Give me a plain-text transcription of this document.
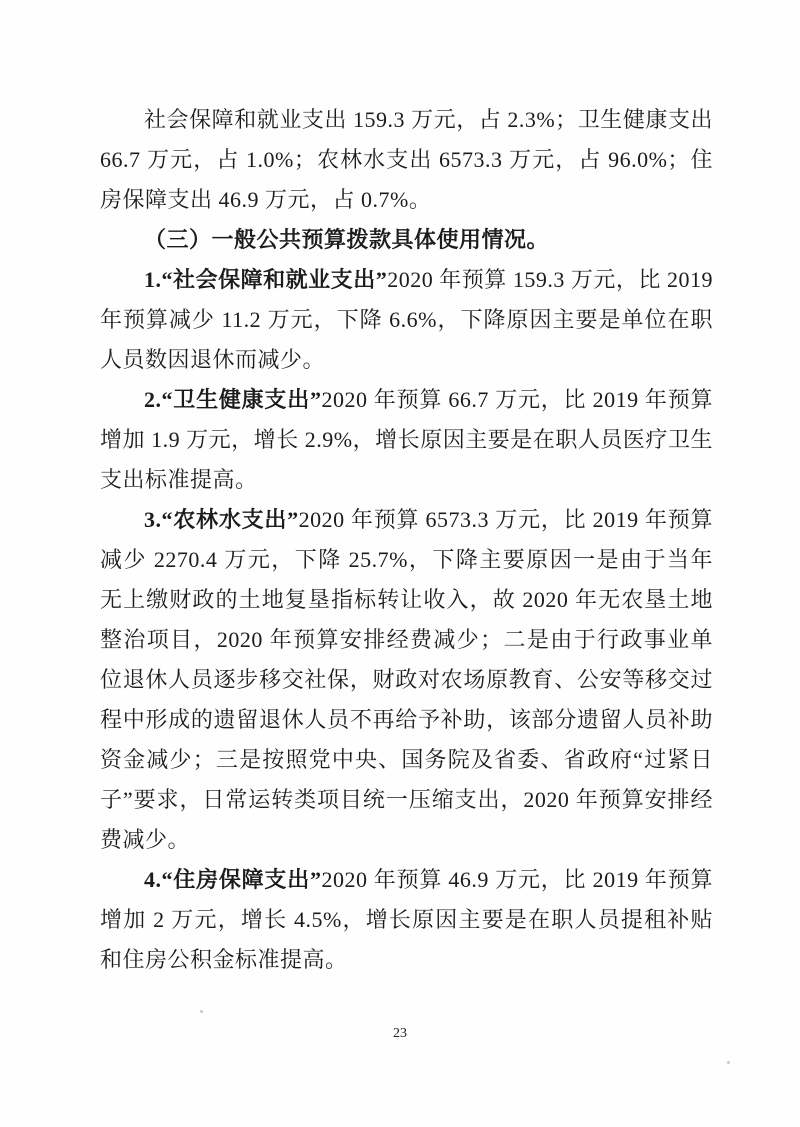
社会保障和就业支出 159.3 万元，占 2.3%；卫生健康支出 66.7 万元，占 1.0%；农林水支出 6573.3 万元，占 96.0%；住房保障支出 46.9 万元，占 0.7%。

（三）一般公共预算拨款具体使用情况。

1.“社会保障和就业支出”2020 年预算 159.3 万元，比 2019 年预算减少 11.2 万元，下降 6.6%，下降原因主要是单位在职人员数因退休而减少。

2.“卫生健康支出”2020 年预算 66.7 万元，比 2019 年预算增加 1.9 万元，增长 2.9%，增长原因主要是在职人员医疗卫生支出标准提高。

3.“农林水支出”2020 年预算 6573.3 万元，比 2019 年预算减少 2270.4 万元，下降 25.7%，下降主要原因一是由于当年无上缴财政的土地复垦指标转让收入，故 2020 年无农垦土地整治项目，2020 年预算安排经费减少；二是由于行政事业单位退休人员逐步移交社保，财政对农场原教育、公安等移交过程中形成的遗留退休人员不再给予补助，该部分遗留人员补助资金减少；三是按照党中央、国务院及省委、省政府“过紧日子”要求，日常运转类项目统一压缩支出，2020 年预算安排经费减少。

4.“住房保障支出”2020 年预算 46.9 万元，比 2019 年预算增加 2 万元，增长 4.5%，增长原因主要是在职人员提租补贴和住房公积金标准提高。

23
